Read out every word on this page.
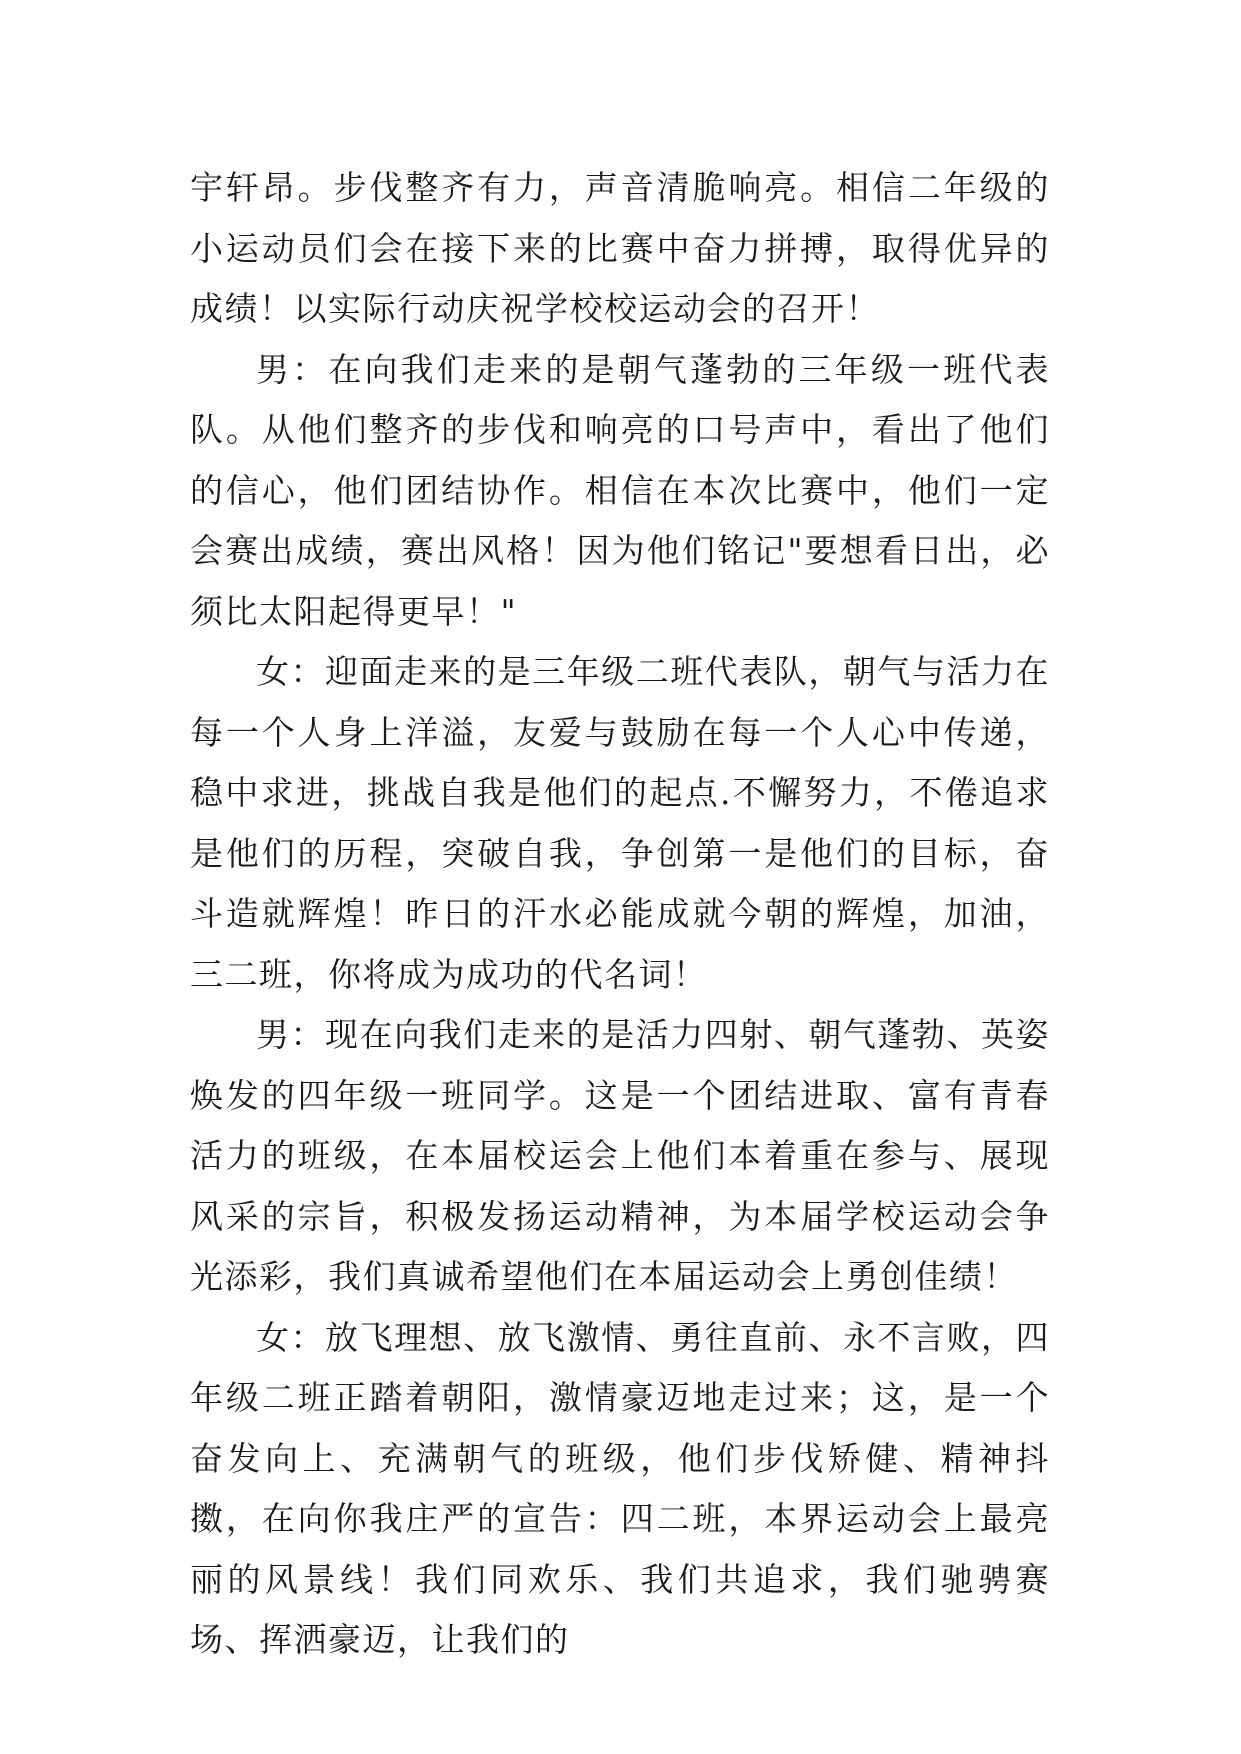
宇轩昂。步伐整齐有力，声音清脆响亮。相信二年级的小运动员们会在接下来的比赛中奋力拼搏，取得优异的成绩！以实际行动庆祝学校校运动会的召开！

男：在向我们走来的是朝气蓬勃的三年级一班代表队。从他们整齐的步伐和响亮的口号声中，看出了他们的信心，他们团结协作。相信在本次比赛中，他们一定会赛出成绩，赛出风格！因为他们铭记"要想看日出，必须比太阳起得更早！"

女：迎面走来的是三年级二班代表队，朝气与活力在每一个人身上洋溢，友爱与鼓励在每一个人心中传递，稳中求进，挑战自我是他们的起点.不懈努力，不倦追求是他们的历程，突破自我，争创第一是他们的目标，奋斗造就辉煌！昨日的汗水必能成就今朝的辉煌，加油， 三二班，你将成为成功的代名词！

男：现在向我们走来的是活力四射、朝气蓬勃、英姿焕发的四年级一班同学。这是一个团结进取、富有青春活力的班级，在本届校运会上他们本着重在参与、展现风采的宗旨，积极发扬运动精神，为本届学校运动会争光添彩，我们真诚希望他们在本届运动会上勇创佳绩！

女：放飞理想、放飞激情、勇往直前、永不言败，四年级二班正踏着朝阳，激情豪迈地走过来；这，是一个奋发向上、充满朝气的班级，他们步伐矫健、精神抖擞，在向你我庄严的宣告：四二班，本界运动会上最亮丽的风景线！我们同欢乐、我们共追求，我们驰骋赛场、挥洒豪迈，让我们的
